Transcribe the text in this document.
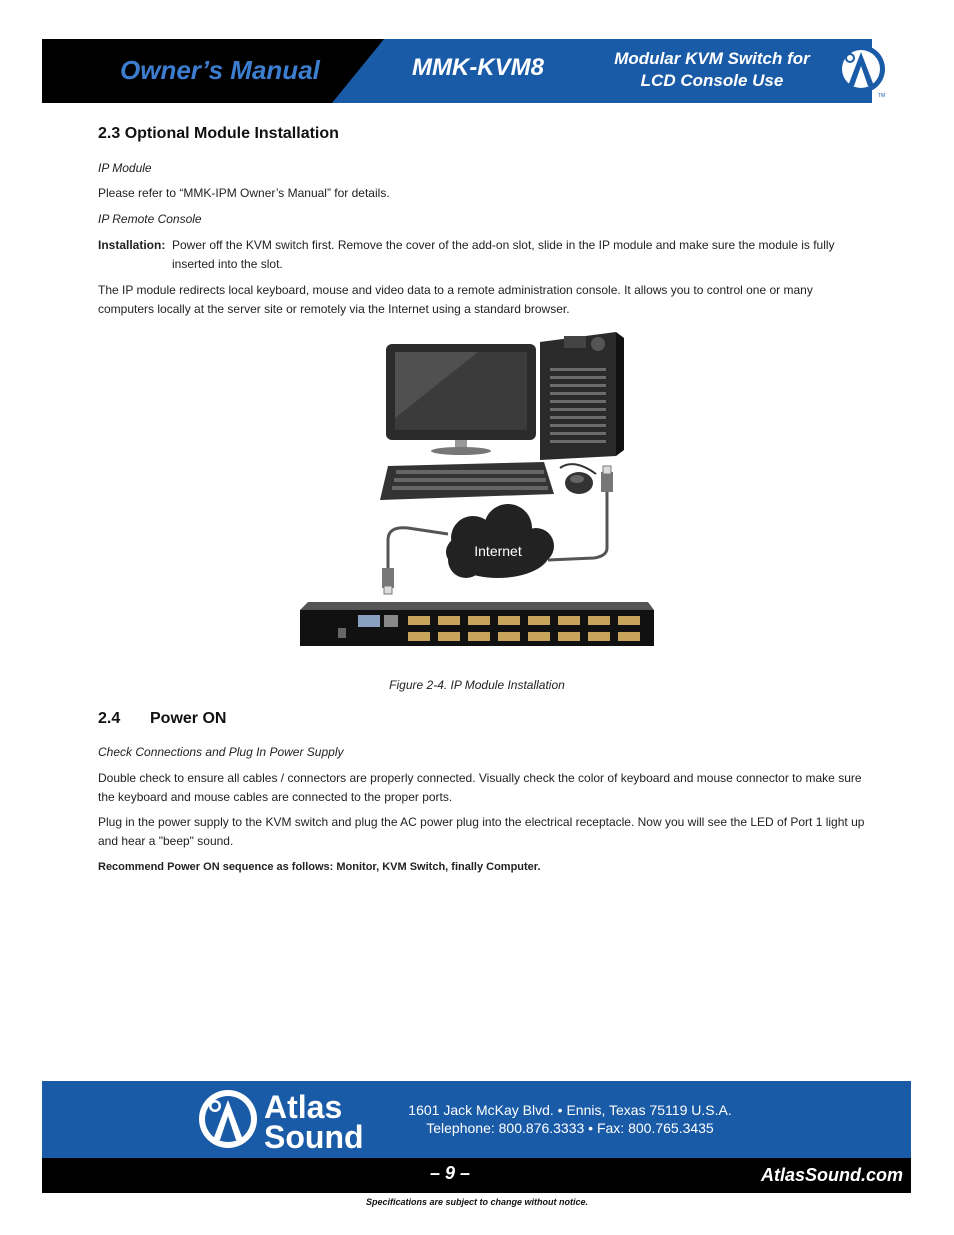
Owner’s Manual	MMK-KVM8	Modular KVM Switch for
LCD Console Use
TM
2.3 Optional Module Installation
IP Module
Please refer to “MMK-IPM Owner’s Manual” for details.
IP Remote Console
Installation: Power off the KVM switch first. Remove the cover of the add-on slot, slide in the IP module and make sure the module is fully inserted into the slot.
The IP module redirects local keyboard, mouse and video data to a remote administration console. It allows you to control one or many computers locally at the server site or remotely via the Internet using a standard browser.
Internet
Figure 2-4. IP Module Installation
2.4 Power ON
Check Connections and Plug In Power Supply
Double check to ensure all cables / connectors are properly connected. Visually check the color of keyboard and mouse connector to make sure the keyboard and mouse cables are connected to the proper ports.
Plug in the power supply to the KVM switch and plug the AC power plug into the electrical receptacle. Now you will see the LED of Port 1 light up and hear a "beep" sound.
Recommend Power ON sequence as follows: Monitor, KVM Switch, finally Computer.
Atlas
Sound
1601 Jack McKay Blvd. • Ennis, Texas 75119 U.S.A.
Telephone: 800.876.3333 • Fax: 800.765.3435
– 9 –	AtlasSound.com
Specifications are subject to change without notice.
